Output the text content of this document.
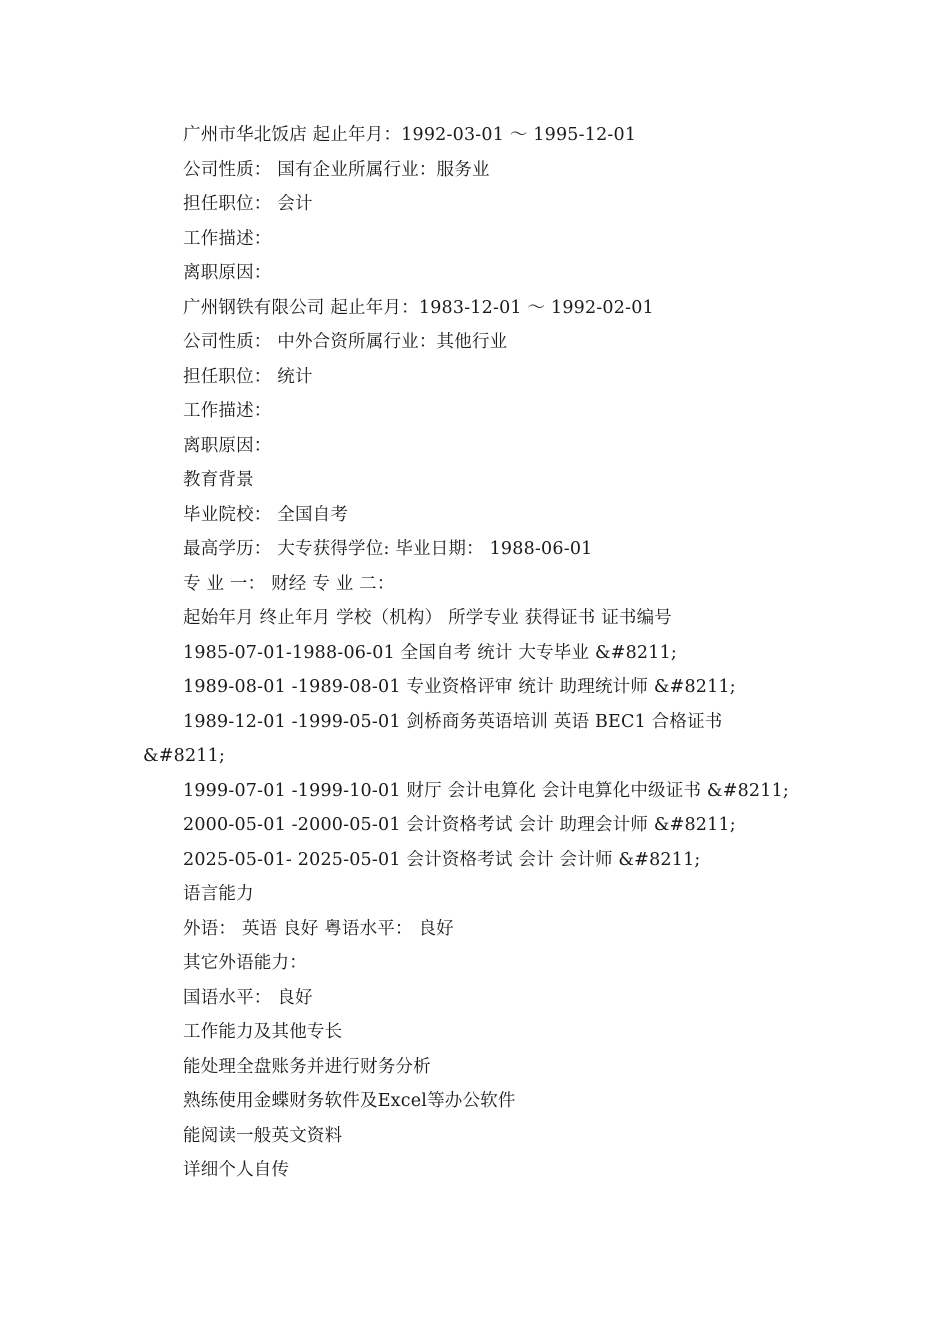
广州市华北饭店 起止年月：1992-03-01 ～ 1995-12-01
公司性质： 国有企业所属行业：服务业
担任职位： 会计
工作描述：
离职原因：
广州钢铁有限公司 起止年月：1983-12-01 ～ 1992-02-01
公司性质： 中外合资所属行业：其他行业
担任职位： 统计
工作描述：
离职原因：
教育背景
毕业院校： 全国自考
最高学历： 大专获得学位: 毕业日期： 1988-06-01
专 业 一： 财经 专 业 二：
起始年月 终止年月 学校（机构） 所学专业 获得证书 证书编号
1985-07-01-1988-06-01 全国自考 统计 大专毕业 &#8211;
1989-08-01 -1989-08-01 专业资格评审 统计 助理统计师 &#8211;
1989-12-01 -1999-05-01 剑桥商务英语培训 英语 BEC1 合格证书
&#8211;
1999-07-01 -1999-10-01 财厅 会计电算化 会计电算化中级证书 &#8211;
2000-05-01 -2000-05-01 会计资格考试 会计 助理会计师 &#8211;
2025-05-01- 2025-05-01 会计资格考试 会计 会计师 &#8211;
语言能力
外语： 英语 良好 粤语水平： 良好
其它外语能力：
国语水平： 良好
工作能力及其他专长
能处理全盘账务并进行财务分析
熟练使用金蝶财务软件及Excel等办公软件
能阅读一般英文资料
详细个人自传
